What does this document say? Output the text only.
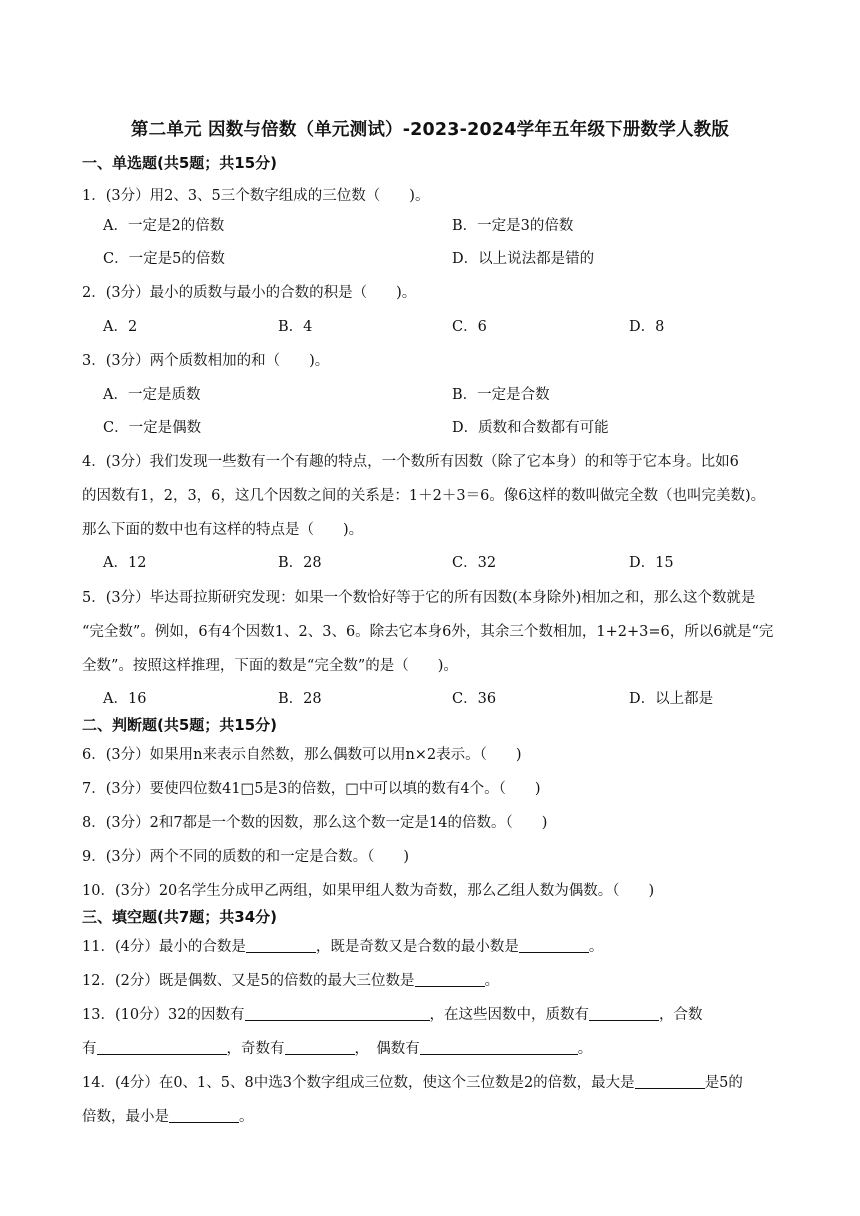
第二单元 因数与倍数（单元测试）-2023-2024学年五年级下册数学人教版
一、单选题(共5题；共15分)
1．(3分）用2、3、5三个数字组成的三位数（　　)。
A．一定是2的倍数	B．一定是3的倍数
C．一定是5的倍数	D．以上说法都是错的
2．(3分）最小的质数与最小的合数的积是（　　)。
A．2	B．4	C．6	D．8
3．(3分）两个质数相加的和（　　)。
A．一定是质数	B．一定是合数
C．一定是偶数	D．质数和合数都有可能
4．(3分）我们发现一些数有一个有趣的特点，一个数所有因数（除了它本身）的和等于它本身。比如6
的因数有1，2，3，6，这几个因数之间的关系是：1＋2＋3＝6。像6这样的数叫做完全数（也叫完美数)。
那么下面的数中也有这样的特点是（　　)。
A．12	B．28	C．32	D．15
5．(3分）毕达哥拉斯研究发现：如果一个数恰好等于它的所有因数(本身除外)相加之和，那么这个数就是
“完全数”。例如，6有4个因数1、2、3、6。除去它本身6外，其余三个数相加，1+2+3=6，所以6就是“完
全数”。按照这样推理，下面的数是“完全数”的是（　　)。
A．16	B．28	C．36	D．以上都是
二、判断题(共5题；共15分)
6．(3分）如果用n来表示自然数，那么偶数可以用n×2表示。（　　)
7．(3分）要使四位数41□5是3的倍数，□中可以填的数有4个。（　　)
8．(3分）2和7都是一个数的因数，那么这个数一定是14的倍数。（　　)
9．(3分）两个不同的质数的和一定是合数。（　　)
10．(3分）20名学生分成甲乙两组，如果甲组人数为奇数，那么乙组人数为偶数。（　　)
三、填空题(共7题；共34分)
11．(4分）最小的合数是	，既是奇数又是合数的最小数是	。
12．(2分）既是偶数、又是5的倍数的最大三位数是	。
13．(10分）32的因数有	，在这些因数中，质数有	，合数
有	，奇数有	，　偶数有	。
14．(4分）在0、1、5、8中选3个数字组成三位数，使这个三位数是2的倍数，最大是	是5的
倍数，最小是	。
